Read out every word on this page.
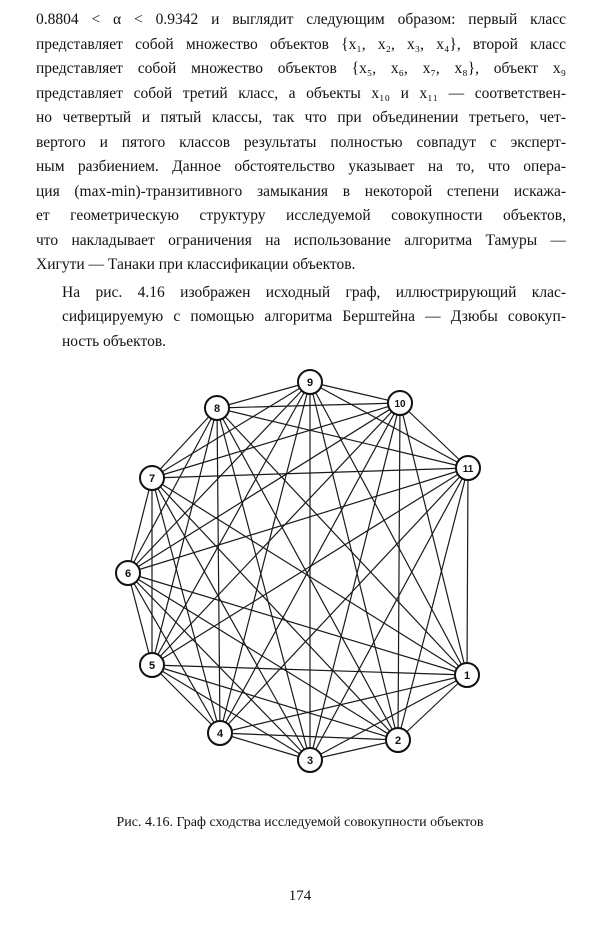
0.8804 < α < 0.9342 и выглядит следующим образом: первый класс
представляет собой множество объектов {x₁, x₂, x₃, x₄}, второй класс
представляет собой множество объектов {x₅, x₆, x₇, x₈}, объект x₉
представляет собой третий класс, а объекты x₁₀ и x₁₁ — соответствен-
но четвертый и пятый классы, так что при объединении третьего, чет-
вертого и пятого классов результаты полностью совпадут с эксперт-
ным разбиением. Данное обстоятельство указывает на то, что опера-
ция (max-min)-транзитивного замыкания в некоторой степени искажа-
ет геометрическую структуру исследуемой совокупности объектов,
что накладывает ограничения на использование алгоритма Тамуры —
Хигути — Танаки при классификации объектов.

На рис. 4.16 изображен исходный граф, иллюстрирующий клас-
сифицируемую с помощью алгоритма Берштейна — Дзюбы совокуп-
ность объектов.

1
2
3
4
5
6
7
8
9
10
11
Рис. 4.16. Граф сходства исследуемой совокупности объектов
174
